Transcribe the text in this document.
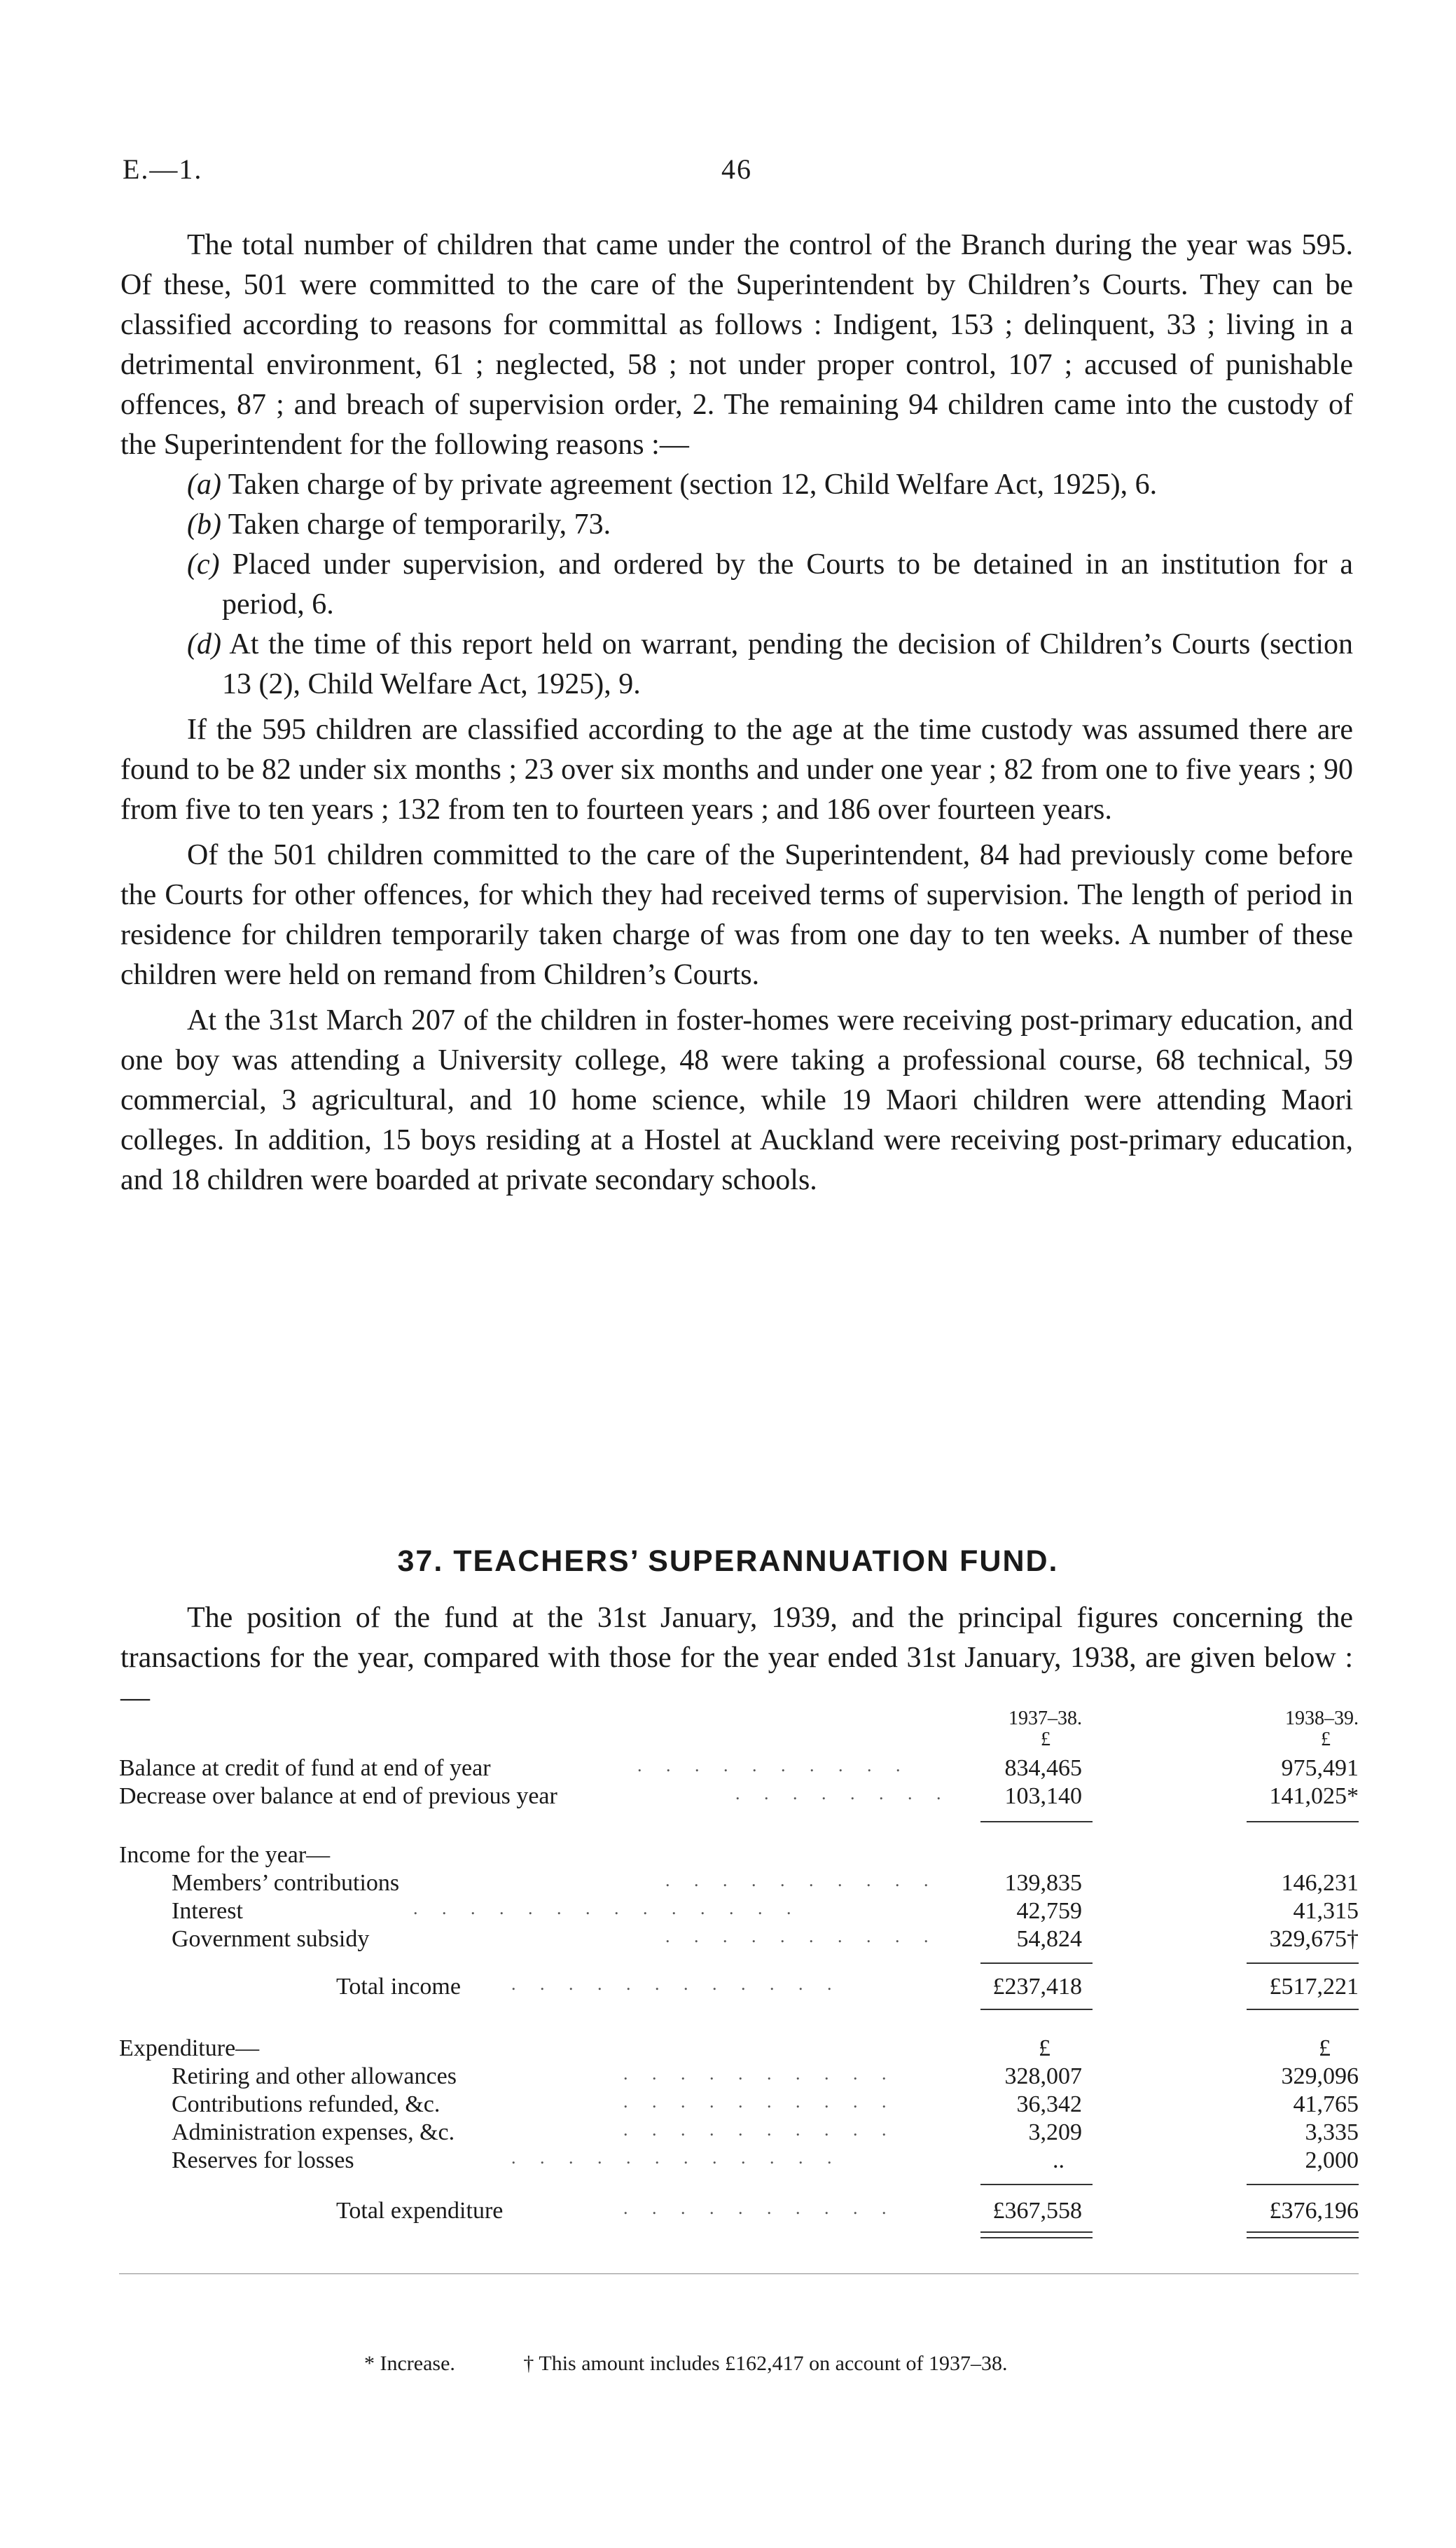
E.—1.	46

The total number of children that came under the control of the Branch during the year was 595. Of these, 501 were committed to the care of the Superintendent by Children’s Courts. They can be classified according to reasons for committal as follows : Indigent, 153 ; delinquent, 33 ; living in a detrimental environment, 61 ; neglected, 58 ; not under proper control, 107 ; accused of punishable offences, 87 ; and breach of supervision order, 2. The remaining 94 children came into the custody of the Superintendent for the following reasons :—

(a) Taken charge of by private agreement (section 12, Child Welfare Act, 1925), 6.
(b) Taken charge of temporarily, 73.
(c) Placed under supervision, and ordered by the Courts to be detained in an institution for a period, 6.
(d) At the time of this report held on warrant, pending the decision of Children’s Courts (section 13 (2), Child Welfare Act, 1925), 9.

If the 595 children are classified according to the age at the time custody was assumed there are found to be 82 under six months ; 23 over six months and under one year ; 82 from one to five years ; 90 from five to ten years ; 132 from ten to fourteen years ; and 186 over fourteen years.

Of the 501 children committed to the care of the Superintendent, 84 had previously come before the Courts for other offences, for which they had received terms of supervision. The length of period in residence for children temporarily taken charge of was from one day to ten weeks. A number of these children were held on remand from Children’s Courts.

At the 31st March 207 of the children in foster-homes were receiving post-primary education, and one boy was attending a University college, 48 were taking a professional course, 68 technical, 59 commercial, 3 agricultural, and 10 home science, while 19 Maori children were attending Maori colleges. In addition, 15 boys residing at a Hostel at Auckland were receiving post-primary education, and 18 children were boarded at private secondary schools.

37. TEACHERS’ SUPERANNUATION FUND.

The position of the fund at the 31st January, 1939, and the principal figures concerning the transactions for the year, compared with those for the year ended 31st January, 1938, are given below :—

1937–38.	1938–39.
£	£
Balance at credit of fund at end of year	. . . . . . . . . .	834,465	975,491
Decrease over balance at end of previous year	. . . . . . . .	103,140	141,025*
Income for the year—
Members’ contributions	. . . . . . . . . .	139,835	146,231
Interest	. . . . . . . . . . . . . .	42,759	41,315
Government subsidy	. . . . . . . . . .	54,824	329,675†
Total income	. . . . . . . . . . . .	£237,418	£517,221
Expenditure—	£	£
Retiring and other allowances	. . . . . . . . . .	328,007	329,096
Contributions refunded, &c.	. . . . . . . . . .	36,342	41,765
Administration expenses, &c.	. . . . . . . . . .	3,209	3,335
Reserves for losses	. . . . . . . . . . . .	..	2,000
Total expenditure	. . . . . . . . . .	£367,558	£376,196
* Increase.	† This amount includes £162,417 on account of 1937–38.
